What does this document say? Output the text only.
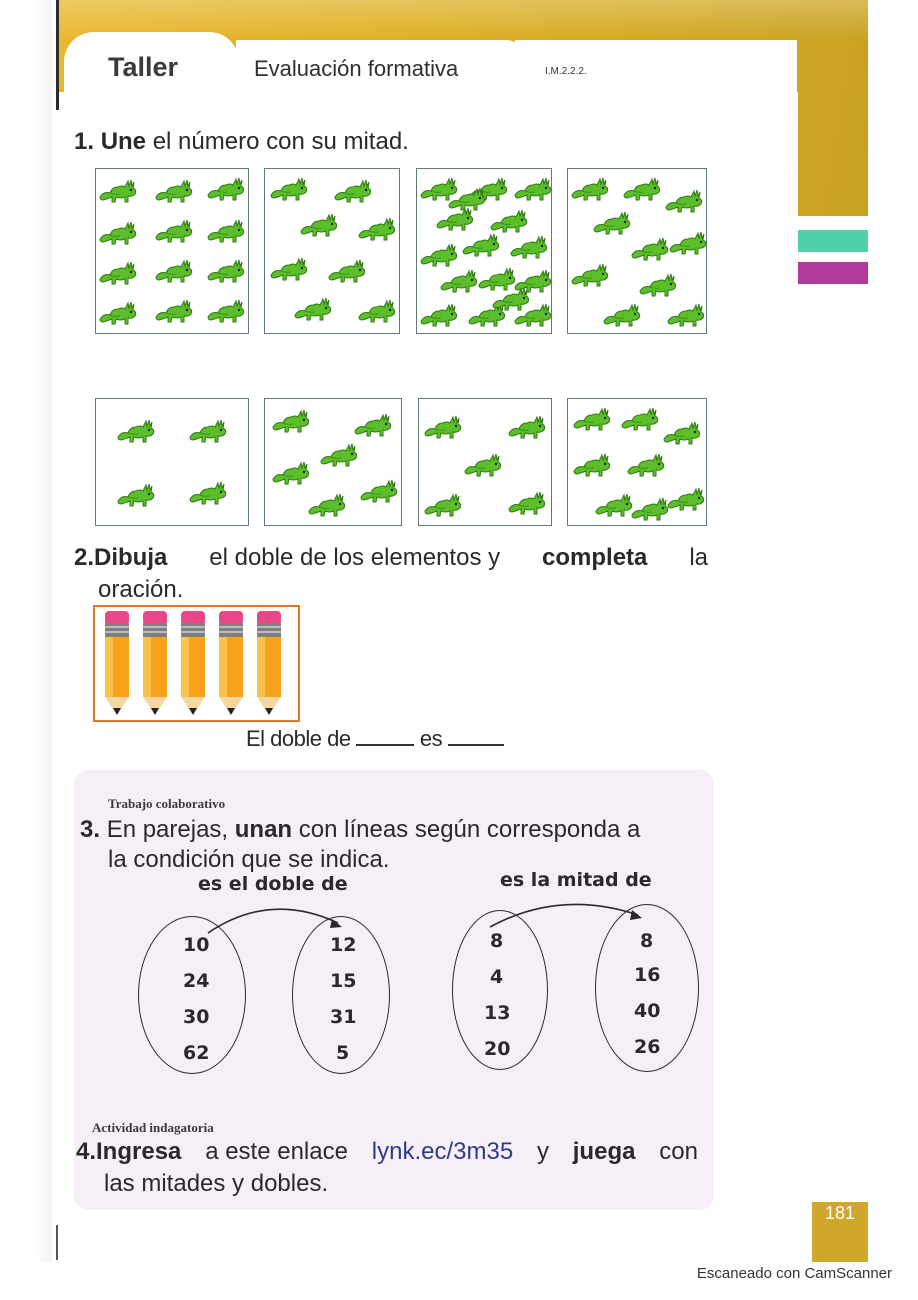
Taller	Evaluación formativa	I.M.2.2.2.
1. Une el número con su mitad.
2.Dibuja el doble de los elementos y completa la
oración.
El doble de	es
Trabajo colaborativo
3. En parejas, unan con líneas según corresponda a
la condición que se indica.
es el doble de	es la mitad de
10
24
30
62
12
15
31
5
8
4
13
20
8
16
40
26
Actividad indagatoria
4.Ingresa a este enlace lynk.ec/3m35 y juega con
las mitades y dobles.
181
Escaneado con CamScanner
